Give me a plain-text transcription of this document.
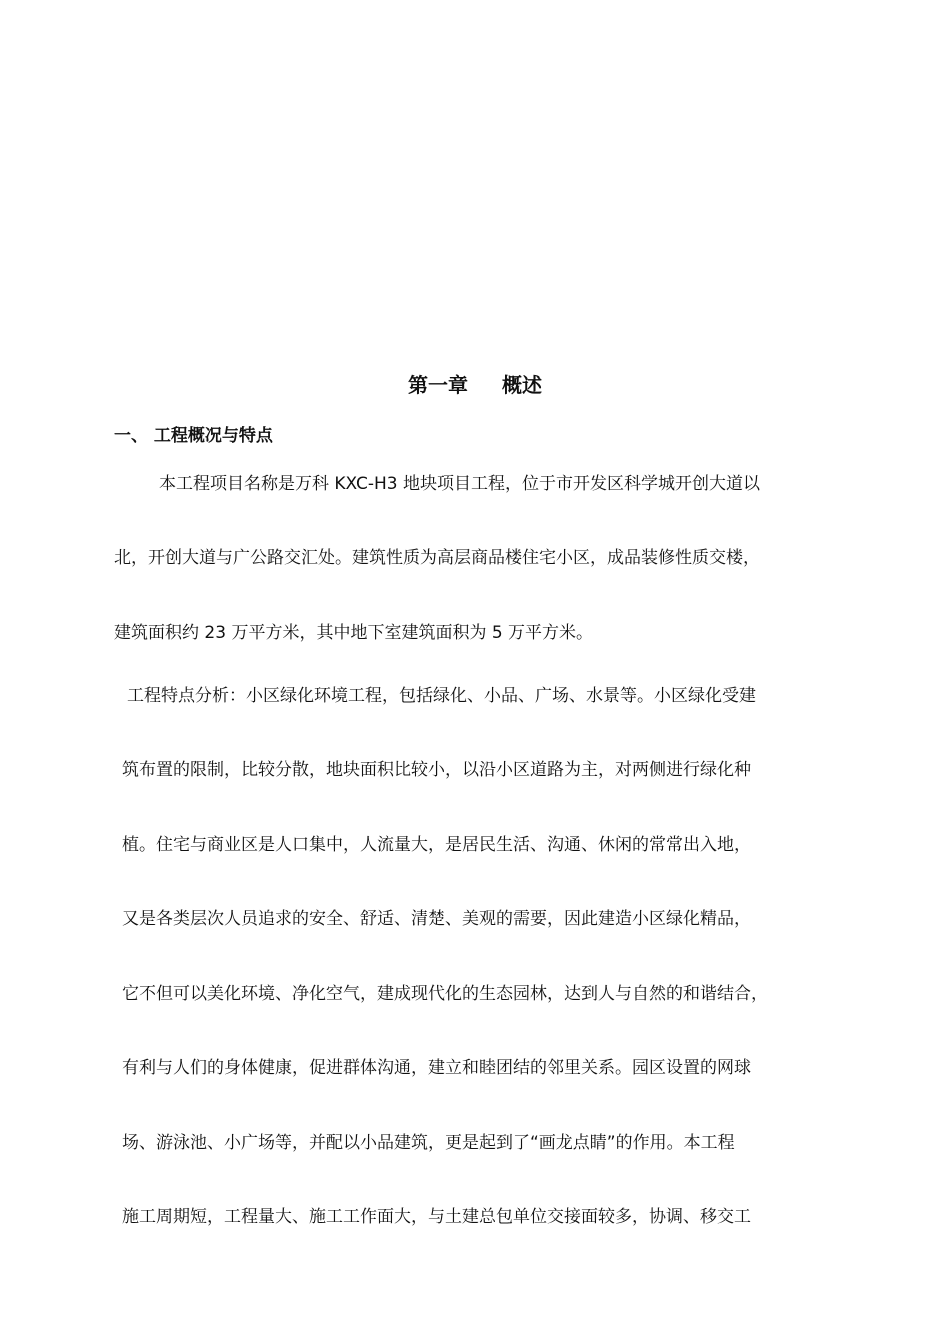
第一章 概述
一、 工程概况与特点
本工程项目名称是万科 KXC-H3 地块项目工程，位于市开发区科学城开创大道以
北，开创大道与广公路交汇处。建筑性质为高层商品楼住宅小区，成品装修性质交楼，
建筑面积约 23 万平方米，其中地下室建筑面积为 5 万平方米。
工程特点分析：小区绿化环境工程，包括绿化、小品、广场、水景等。小区绿化受建
筑布置的限制，比较分散，地块面积比较小，以沿小区道路为主，对两侧进行绿化种
植。住宅与商业区是人口集中，人流量大，是居民生活、沟通、休闲的常常出入地，
又是各类层次人员追求的安全、舒适、清楚、美观的需要，因此建造小区绿化精品，
它不但可以美化环境、净化空气，建成现代化的生态园林，达到人与自然的和谐结合，
有利与人们的身体健康，促进群体沟通，建立和睦团结的邻里关系。园区设置的网球
场、游泳池、小广场等，并配以小品建筑，更是起到了“画龙点睛”的作用。本工程
施工周期短，工程量大、施工工作面大，与土建总包单位交接面较多，协调、移交工
